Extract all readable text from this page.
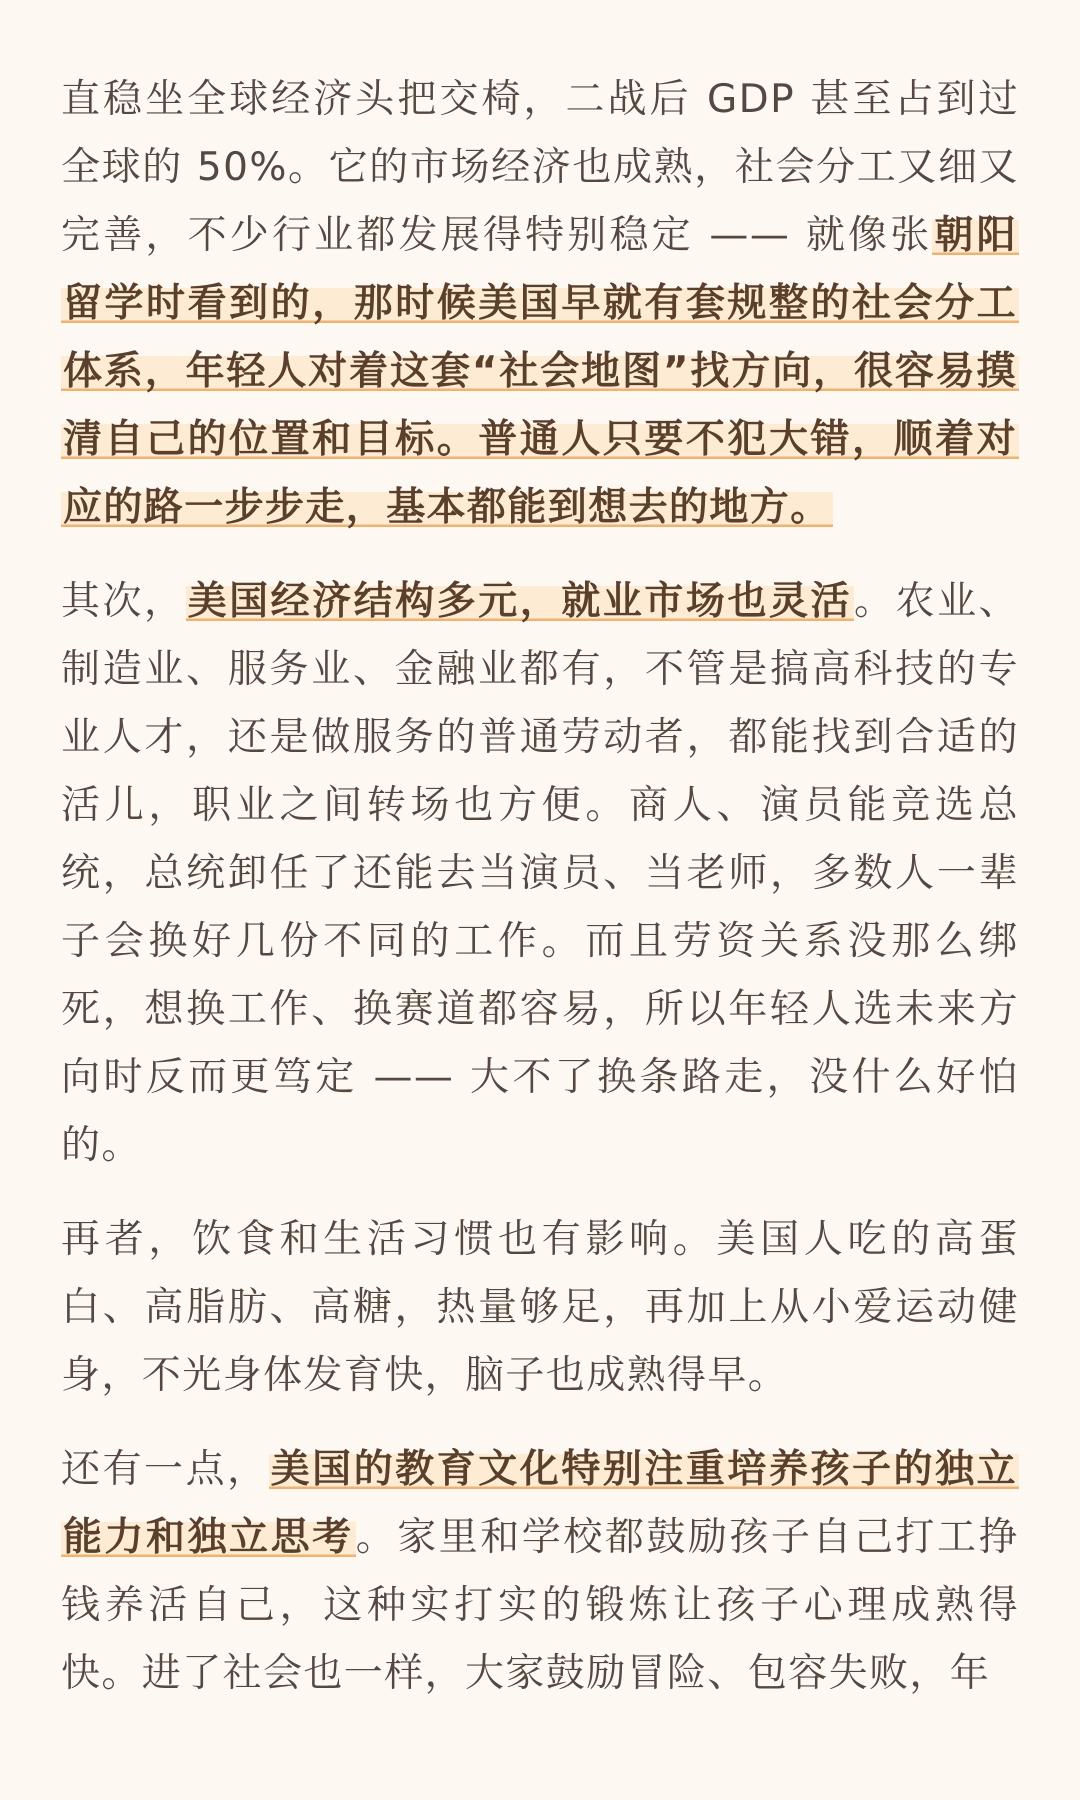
直稳坐全球经济头把交椅，二战后 GDP 甚至占到过全球的 50%。它的市场经济也成熟，社会分工又细又完善，不少行业都发展得特别稳定 —— 就像张朝阳留学时看到的，那时候美国早就有套规整的社会分工体系，年轻人对着这套“社会地图”找方向，很容易摸清自己的位置和目标。普通人只要不犯大错，顺着对应的路一步步走，基本都能到想去的地方。

其次，美国经济结构多元，就业市场也灵活。农业、制造业、服务业、金融业都有，不管是搞高科技的专业人才，还是做服务的普通劳动者，都能找到合适的活儿，职业之间转场也方便。商人、演员能竞选总统，总统卸任了还能去当演员、当老师，多数人一辈子会换好几份不同的工作。而且劳资关系没那么绑死，想换工作、换赛道都容易，所以年轻人选未来方向时反而更笃定 —— 大不了换条路走，没什么好怕的。

再者，饮食和生活习惯也有影响。美国人吃的高蛋白、高脂肪、高糖，热量够足，再加上从小爱运动健身，不光身体发育快，脑子也成熟得早。

还有一点，美国的教育文化特别注重培养孩子的独立能力和独立思考。家里和学校都鼓励孩子自己打工挣钱养活自己，这种实打实的锻炼让孩子心理成熟得快。进了社会也一样，大家鼓励冒险、包容失败，年
